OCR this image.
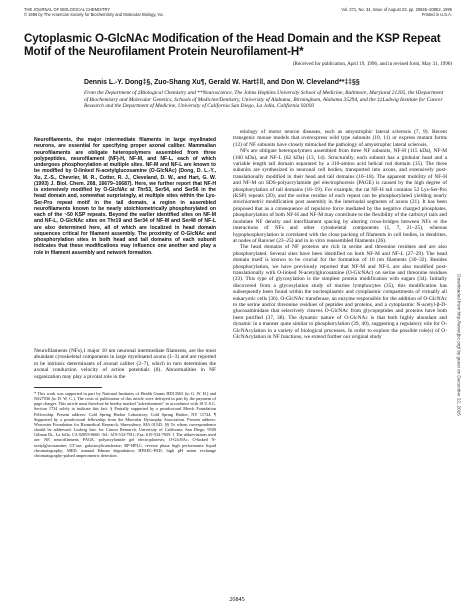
THE JOURNAL OF BIOLOGICAL CHEMISTRY
© 1996 by The American Society for Biochemistry and Molecular Biology, Inc.
Vol. 271, No. 34, Issue of August 23, pp. 20845–20852, 1996
Printed in U.S.A.
Cytoplasmic O-GlcNAc Modification of the Head Domain and the KSP Repeat Motif of the Neurofilament Protein Neurofilament-H*
(Received for publication, April 19, 1996, and in revised form, May 31, 1996)
Dennis L.-Y. Dong‡§, Zuo-Shang Xu¶, Gerald W. Hart‡‖, and Don W. Cleveland**‡‡§§
From the Department of ‡Biological Chemistry and **Neuroscience, The Johns Hopkins University School of Medicine, Baltimore, Maryland 21205, the ‖Department of Biochemistry and Molecular Genetics, Schools of Medicine/Dentistry, University of Alabama, Birmingham, Alabama 35294, and the ‡‡Ludwig Institute for Cancer Research and the Department of Medicine, University of California San Diego, La Jolla, California 92093
Neurofilaments, the major intermediate filaments in large myelinated neurons, are essential for specifying proper axonal caliber. Mammalian neurofilaments are obligate heteropolymers assembled from three polypeptides, neurofilament (NF)-H, NF-M, and NF-L, each of which undergoes phosphorylation at multiple sites. NF-M and NF-L are known to be modified by O-linked N-acetylglucosamine (O-GlcNAc) (Dong, D. L.-Y., Xu, Z.-S., Chevrier, M. R., Cotter, R. J., Cleveland, D. W., and Hart, G. W. (1993) J. Biol. Chem. 268, 16679–16687). Here, we further report that NF-H is extensively modified by O-GlcNAc at Thr53, Ser54, and Ser56 in the head domain and, somewhat surprisingly, at multiple sites within the Lys-Ser-Pro repeat motif in the tail domain, a region in assembled neurofilaments known to be nearly stoichiometrically phosphorylated on each of the ~50 KSP repeats. Beyond the earlier identified sites on NF-M and NF-L, O-GlcNAc sites on Thr19 and Ser34 of NF-M and Ser48 of NF-L are also determined here, all of which are localized in head domain sequences critical for filament assembly. The proximity of O-GlcNAc and phosphorylation sites in both head and tail domains of each subunit indicates that these modifications may influence one another and play a role in filament assembly and network formation.
Neurofilaments (NFs),1 major 10 nm neuronal intermediate filaments, are the most abundant cytoskeletal components in large myelinated axons (1–3) and are reported to be intrinsic determinants of axonal caliber (2–7), which in turn determines the axonal conduction velocity of action potentials (8). Abnormalities in NF organization may play a pivotal role in the
* This work was supported in part by National Institutes of Health Grants HD13563 (to G. W. H.) and NS27036 (to D. W. C.). The costs of publication of this article were defrayed in part by the payment of page charges. This article must therefore be hereby marked "advertisement" in accordance with 18 U.S.C. Section 1734 solely to indicate this fact. § Partially supported by a postdoctoral Merck Foundation Fellowship. Present address: Cold Spring Harbor Laboratory, Cold Spring Harbor, NY 11724. ¶ Supported by a postdoctoral fellowship from the Muscular Dystrophy Association. Present address: Worcester Foundation for Biomedical Research, Shrewsbury, MA 01545. §§ To whom correspondence should be addressed: Ludwig Inst. for Cancer Research, University of California, San Diego, 9500 Gilman Dr., La Jolla, CA 92093-0660. Tel.: 619-534-7811; Fax: 619-534-7659. 1 The abbreviations used are: NF, neurofilament; PAGE, polyacrylamide gel electrophoresis; O-GlcNAc, O-linked N-acetylglucosamine; GT'ase, galactosyltransferase; RP-HPLC, reverse phase high performance liquid chromatography; MED, manual Edman degradation; HPAEC-PAD, high pH anion exchange chromatography-pulsed amperometric detection.

etiology of motor neuron diseases, such as amyotrophic lateral sclerosis (7, 9). Recent transgenic mouse models that overexpress wild type subunits (10, 11) or express mutant forms (12) of NF subunits have closely mimicked the pathology of amyotrophic lateral sclerosis.

NFs are obligate heteropolymers assembled from three NF subunits, NF-H (115 kDa), NF-M (100 kDa), and NF-L (62 kDa) (13, 14). Structurally, each subunit has a globular head and a variable length tail domain separated by a 310-amino acid helical rod domain (15). The three subunits are synthesized in neuronal cell bodies, transported into axons, and extensively post-translationally modified in their head and tail domains (16–18). The apparent mobility of NF-H and NF-M on SDS-polyacrylamide gel electrophoresis (PAGE) is caused by the high degree of phosphorylation of tail domains (16–19). For example, the rat NF-H tail contains 52 Lys-Ser-Pro (KSP) repeats (20), and the serine residue of each repeat can be phosphorylated yielding nearly stoichiometric modification post assembly in the internodal segments of axons (21). It has been proposed that as a consequence of repulsive force mediated by the negative charged phosphates, phosphorylation of both NF-H and NF-M may contribute to the flexibility of the carboxyl tails and modulate NF density and interfilament spacing by altering cross-bridges between NFs or the interactions of NFs and other cytoskeletal components (1, 7, 21–25), whereas hypophosphorylation is correlated with the close packing of filaments in cell bodies, in dendrites, at nodes of Ranvier (23–25) and in in vitro reassembled filaments (26).

The head domains of NF proteins are rich in serine and threonine residues and are also phosphorylated. Several sites have been identified on both NF-M and NF-L (27–29). The head domain itself is known to be crucial for the formation of 10 nm filaments (30–32). Besides phosphorylation, we have previously reported that NF-M and NF-L are also modified post-translationally with O-linked N-acetylglucosamine (O-GlcNAc) on serine and threonine residues (33). This type of glycosylation is the simplest protein modification with sugars (34). Initially discovered from a glycosylation study of murine lymphocytes (35), this modification has subsequently been found within the nucleoplasmic and cytoplasmic compartments of virtually all eukaryotic cells (36). O-GlcNAc transferase, an enzyme responsible for the addition of O-GlcNAc to the serine and/or threonine residues of peptides and proteins, and a cytoplasmic N-acetyl-β-D-glucosaminidase that selectively cleaves O-GlcNAc from glycopeptides and proteins have both been purified (37, 38). The dynamic nature of O-GlcNAc is that both highly abundant and dynamic in a manner quite similar to phosphorylation (39, 40), suggesting a regulatory role for O-GlcNAcylation in a variety of biological processes. In order to explore the possible role(s) of O-GlcNAcylation in NF functions, we extend further our original study	Downloaded from http://www.jbc.org/ by guest on December 22, 2015
20845
